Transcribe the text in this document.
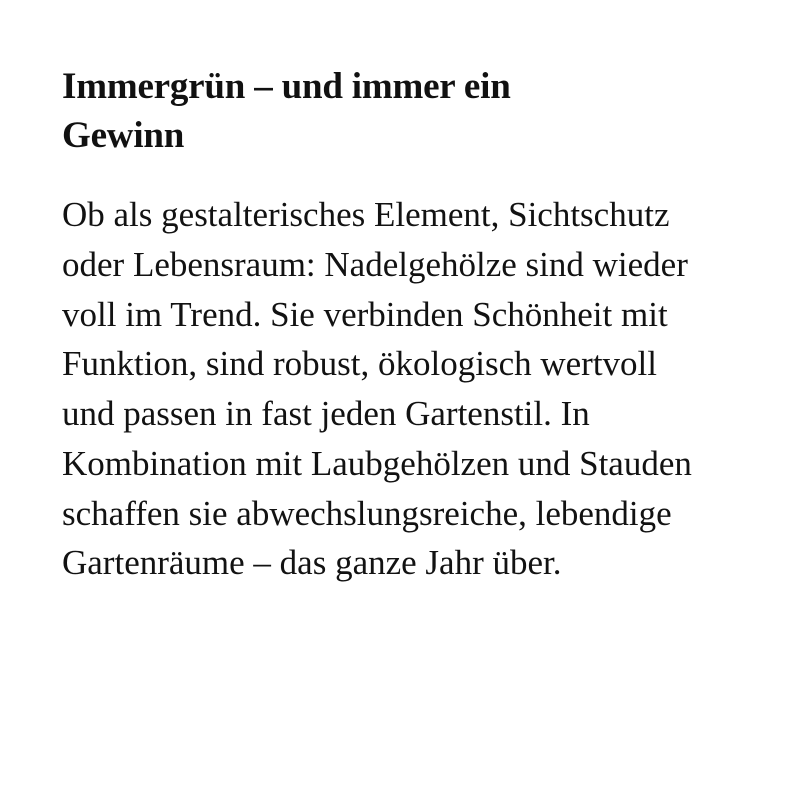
Immergrün – und immer ein Gewinn

Ob als gestalterisches Element, Sichtschutz oder Lebensraum: Nadelgehölze sind wieder voll im Trend. Sie verbinden Schönheit mit Funktion, sind robust, ökologisch wertvoll und passen in fast jeden Gartenstil. In Kombination mit Laubgehölzen und Stauden schaffen sie abwechslungsreiche, lebendige Gartenräume – das ganze Jahr über.
